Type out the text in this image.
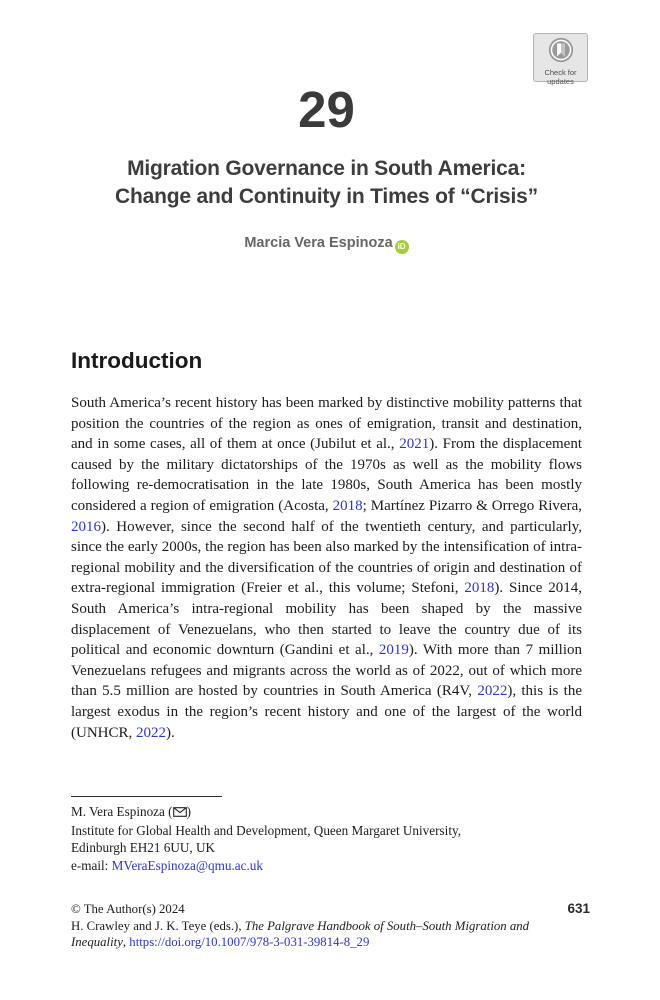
Check for
updates
29
Migration Governance in South America:
Change and Continuity in Times of “Crisis”
Marcia Vera Espinoza iD
Introduction

South America’s recent history has been marked by distinctive mobility patterns that position the countries of the region as ones of emigration, transit and destination, and in some cases, all of them at once (Jubilut et al., 2021). From the displacement caused by the military dictatorships of the 1970s as well as the mobility flows following re-democratisation in the late 1980s, South America has been mostly considered a region of emigration (Acosta, 2018; Martínez Pizarro & Orrego Rivera, 2016). However, since the second half of the twentieth century, and particularly, since the early 2000s, the region has been also marked by the intensification of intra-regional mobility and the diversification of the countries of origin and destination of extra-regional immigration (Freier et al., this volume; Stefoni, 2018). Since 2014, South America’s intra-regional mobility has been shaped by the massive displacement of Venezuelans, who then started to leave the country due of its political and economic downturn (Gandini et al., 2019). With more than 7 million Venezuelans refugees and migrants across the world as of 2022, out of which more than 5.5 million are hosted by countries in South America (R4V, 2022), this is the largest exodus in the region’s recent history and one of the largest of the world (UNHCR, 2022).

M. Vera Espinoza ( )
Institute for Global Health and Development, Queen Margaret University,
Edinburgh EH21 6UU, UK
e-mail: MVeraEspinoza@qmu.ac.uk
631
© The Author(s) 2024
H. Crawley and J. K. Teye (eds.), The Palgrave Handbook of South–South Migration and
Inequality, https://doi.org/10.1007/978-3-031-39814-8_29
